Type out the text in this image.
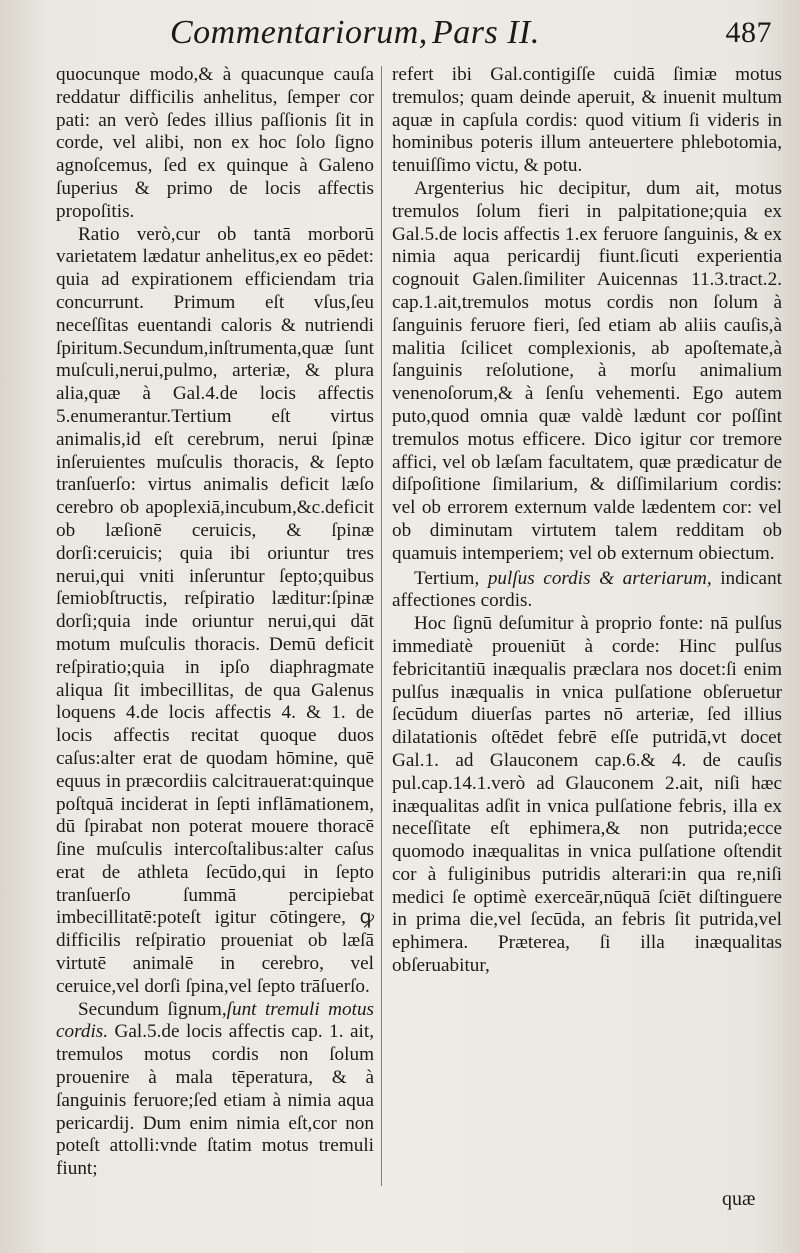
Commentariorum, Pars II.	487

quocunque modo,& à quacunque cauſa reddatur difficilis anhelitus, ſemper cor pati: an verò ſedes illius paſſionis ſit in corde, vel alibi, non ex hoc ſolo ſigno agnoſcemus, ſed ex quinque à Galeno ſuperius & primo de locis affectis propoſitis.

Ratio verò,cur ob tantā morborū varietatem lædatur anhelitus,ex eo pēdet: quia ad expirationem efficiendam tria concurrunt. Primum eſt vſus,ſeu neceſſitas euentandi caloris & nutriendi ſpiritum.Secundum,inſtrumenta,quæ ſunt muſculi,nerui,pulmo, arteriæ, & plura alia,quæ à Gal.4.de locis affectis 5.enumerantur.Tertium eſt virtus animalis,id eſt cerebrum, nerui ſpinæ inſeruientes muſculis thoracis, & ſepto tranſuerſo: virtus animalis deficit læſo cerebro ob apoplexiā,incubum,&c.deficit ob læſionē ceruicis, & ſpinæ dorſi:ceruicis; quia ibi oriuntur tres nerui,qui vniti inſeruntur ſepto;quibus ſemiobſtructis, reſpiratio læditur:ſpinæ dorſi;quia inde oriuntur nerui,qui dāt motum muſculis thoracis. Demū deficit reſpiratio;quia in ipſo diaphragmate aliqua ſit imbecillitas, de qua Galenus loquens 4.de locis affectis 4. & 1. de locis affectis recitat quoque duos caſus:alter erat de quodam hōmine, quē equus in præcordiis calcitrauerat:quinque poſtquā inciderat in ſepti inflāmationem, dū ſpirabat non poterat mouere thoracē ſine muſculis intercoſtalibus:alter caſus erat de athleta ſecūdo,qui in ſepto tranſuerſo ſummā percipiebat imbecillitatē:poteſt igitur cōtingere, ꝙ difficilis reſpiratio proueniat ob læſā virtutē animalē in cerebro, vel ceruice,vel dorſi ſpina,vel ſepto trāſuerſo.

Secundum ſignum,ſunt tremuli motus cordis. Gal.5.de locis affectis cap. 1. ait, tremulos motus cordis non ſolum prouenire à mala tēperatura, & à ſanguinis feruore;ſed etiam à nimia aqua pericardij. Dum enim nimia eſt,cor non poteſt attolli:vnde ſtatim motus tremuli fiunt;

refert ibi Gal.contigiſſe cuidā ſimiæ motus tremulos; quam deinde aperuit, & inuenit multum aquæ in capſula cordis: quod vitium ſi videris in hominibus poteris illum anteuertere phlebotomia, tenuiſſimo victu, & potu.

Argenterius hic decipitur, dum ait, motus tremulos ſolum fieri in palpitatione;quia ex Gal.5.de locis affectis 1.ex feruore ſanguinis, & ex nimia aqua pericardij fiunt.ſicuti experientia cognouit Galen.ſimiliter Auicennas 11.3.tract.2. cap.1.ait,tremulos motus cordis non ſolum à ſanguinis feruore fieri, ſed etiam ab aliis cauſis,à malitia ſcilicet complexionis, ab apoſtemate,à ſanguinis reſolutione, à morſu animalium venenoſorum,& à ſenſu vehementi. Ego autem puto,quod omnia quæ valdè lædunt cor poſſint tremulos motus efficere. Dico igitur cor tremore affici, vel ob læſam facultatem, quæ prædicatur de diſpoſitione ſimilarium, & diſſimilarium cordis: vel ob errorem externum valde lædentem cor: vel ob diminutam virtutem talem redditam ob quamuis intemperiem; vel ob externum obiectum.

Tertium, pulſus cordis & arteriarum, indicant affectiones cordis.

Hoc ſignū deſumitur à proprio fonte: nā pulſus immediatè proueniūt à corde: Hinc pulſus febricitantiū inæqualis præclara nos docet:ſi enim pulſus inæqualis in vnica pulſatione obſeruetur ſecūdum diuerſas partes nō arteriæ, ſed illius dilatationis oſtēdet febrē eſſe putridā,vt docet Gal.1. ad Glauconem cap.6.& 4. de cauſis pul.cap.14.1.verò ad Glauconem 2.ait, niſi hæc inæqualitas adſit in vnica pulſatione febris, illa ex neceſſitate eſt ephimera,& non putrida;ecce quomodo inæqualitas in vnica pulſatione oſtendit cor à fuliginibus putridis alterari:in qua re,niſi medici ſe optimè exerceār,nūquā ſciēt diſtinguere in prima die,vel ſecūda, an febris ſit putrida,vel ephimera. Præterea, ſi illa inæqualitas obſeruabitur,

quæ
